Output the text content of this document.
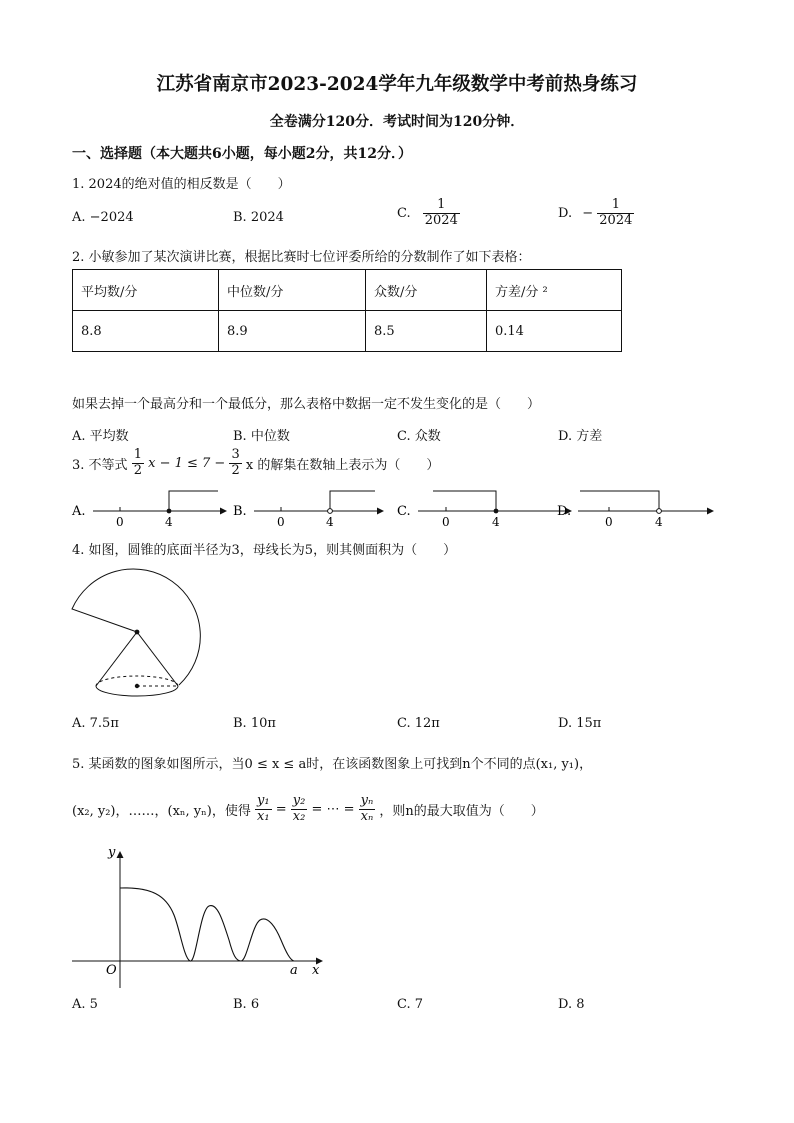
江苏省南京市2023-2024学年九年级数学中考前热身练习
全卷满分120分．考试时间为120分钟．
一、选择题（本大题共6小题，每小题2分，共12分．）
1. 2024的绝对值的相反数是（　　）
A. −2024	B. 2024	C. $\frac{1}{2024}$	D. − $\frac{1}{2024}$
2. 小敏参加了某次演讲比赛，根据比赛时七位评委所给的分数制作了如下表格：
平均数/分	中位数/分	众数/分	方差/分 ²
8.8	8.9	8.5	0.14
如果去掉一个最高分和一个最低分，那么表格中数据一定不发生变化的是（　　）
A. 平均数	B. 中位数	C. 众数	D. 方差
3. 不等式 $\frac{1}{2}$ $x - 1 \le 7 - \frac{3}{2}$ x 的解集在数轴上表示为（　　）
A.
0	4
B.
0	4
C.
0	4
D.
0	4
4. 如图，圆锥的底面半径为3，母线长为5，则其侧面积为（　　）
A. 7.5π	B. 10π	C. 12π	D. 15π
5. 某函数的图象如图所示，当0 ≤ x ≤ a时，在该函数图象上可找到n个不同的点(x₁, y₁)，
(x₂, y₂)，……，(xₙ, yₙ)，使得 $\frac{\text{y₁}}{\text{x₁}} = \frac{\text{y₂}}{\text{x₂}}$ = ⋯ = $\frac{\text{yₙ}}{\text{xₙ}}$ ，则n的最大取值为（　　）
y
x
O	a
A. 5	B. 6	C. 7	D. 8
